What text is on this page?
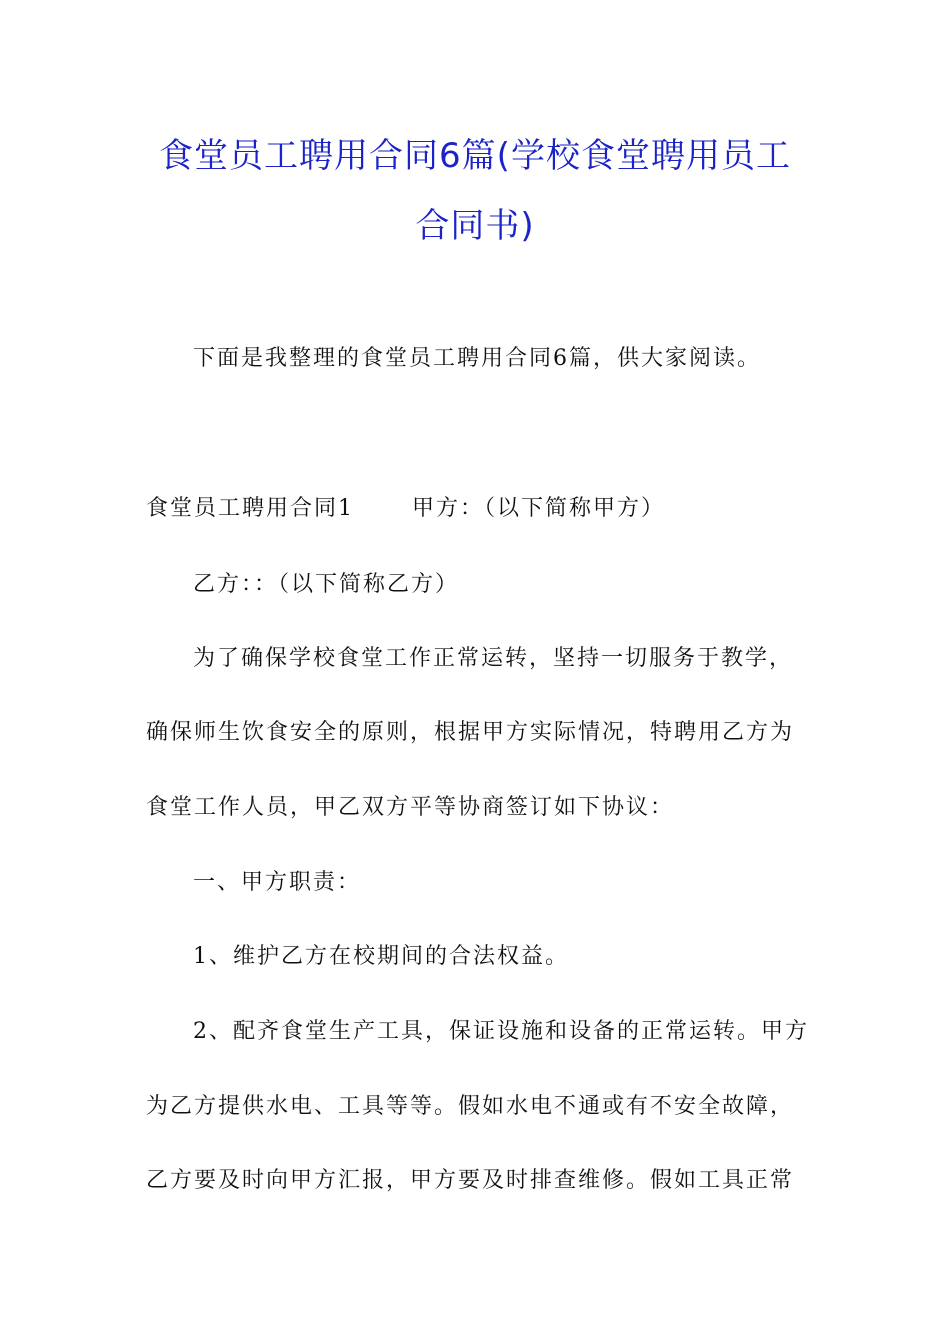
食堂员工聘用合同6篇(学校食堂聘用员工
合同书)
下面是我整理的食堂员工聘用合同6篇，供大家阅读。
食堂员工聘用合同1	甲方：（以下简称甲方）
乙方：：（以下简称乙方）
为了确保学校食堂工作正常运转，坚持一切服务于教学，
确保师生饮食安全的原则，根据甲方实际情况，特聘用乙方为
食堂工作人员，甲乙双方平等协商签订如下协议：
一、甲方职责：
1、维护乙方在校期间的合法权益。
2、配齐食堂生产工具，保证设施和设备的正常运转。甲方
为乙方提供水电、工具等等。假如水电不通或有不安全故障，
乙方要及时向甲方汇报，甲方要及时排查维修。假如工具正常
